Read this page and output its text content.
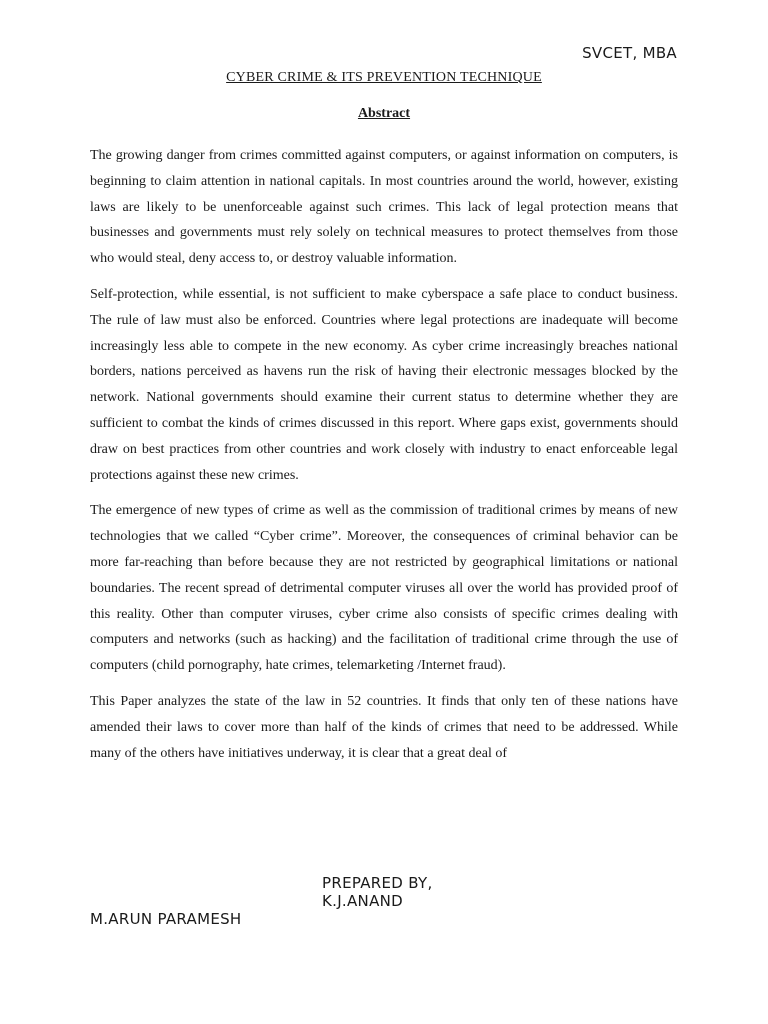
SVCET, MBA
CYBER CRIME & ITS PREVENTION TECHNIQUE
Abstract

The growing danger from crimes committed against computers, or against information on computers, is beginning to claim attention in national capitals. In most countries around the world, however, existing laws are likely to be unenforceable against such crimes. This lack of legal protection means that businesses and governments must rely solely on technical measures to protect themselves from those who would steal, deny access to, or destroy valuable information.

Self-protection, while essential, is not sufficient to make cyberspace a safe place to conduct business. The rule of law must also be enforced. Countries where legal protections are inadequate will become increasingly less able to compete in the new economy. As cyber crime increasingly breaches national borders, nations perceived as havens run the risk of having their electronic messages blocked by the network. National governments should examine their current status to determine whether they are sufficient to combat the kinds of crimes discussed in this report. Where gaps exist, governments should draw on best practices from other countries and work closely with industry to enact enforceable legal protections against these new crimes.

The emergence of new types of crime as well as the commission of traditional crimes by means of new technologies that we called “Cyber crime”. Moreover, the consequences of criminal behavior can be more far-reaching than before because they are not restricted by geographical limitations or national boundaries. The recent spread of detrimental computer viruses all over the world has provided proof of this reality. Other than computer viruses, cyber crime also consists of specific crimes dealing with computers and networks (such as hacking) and the facilitation of traditional crime through the use of computers (child pornography, hate crimes, telemarketing /Internet fraud).

This Paper analyzes the state of the law in 52 countries. It finds that only ten of these nations have amended their laws to cover more than half of the kinds of crimes that need to be addressed. While many of the others have initiatives underway, it is clear that a great deal of

PREPARED BY,
K.J.ANAND
M.ARUN PARAMESH
